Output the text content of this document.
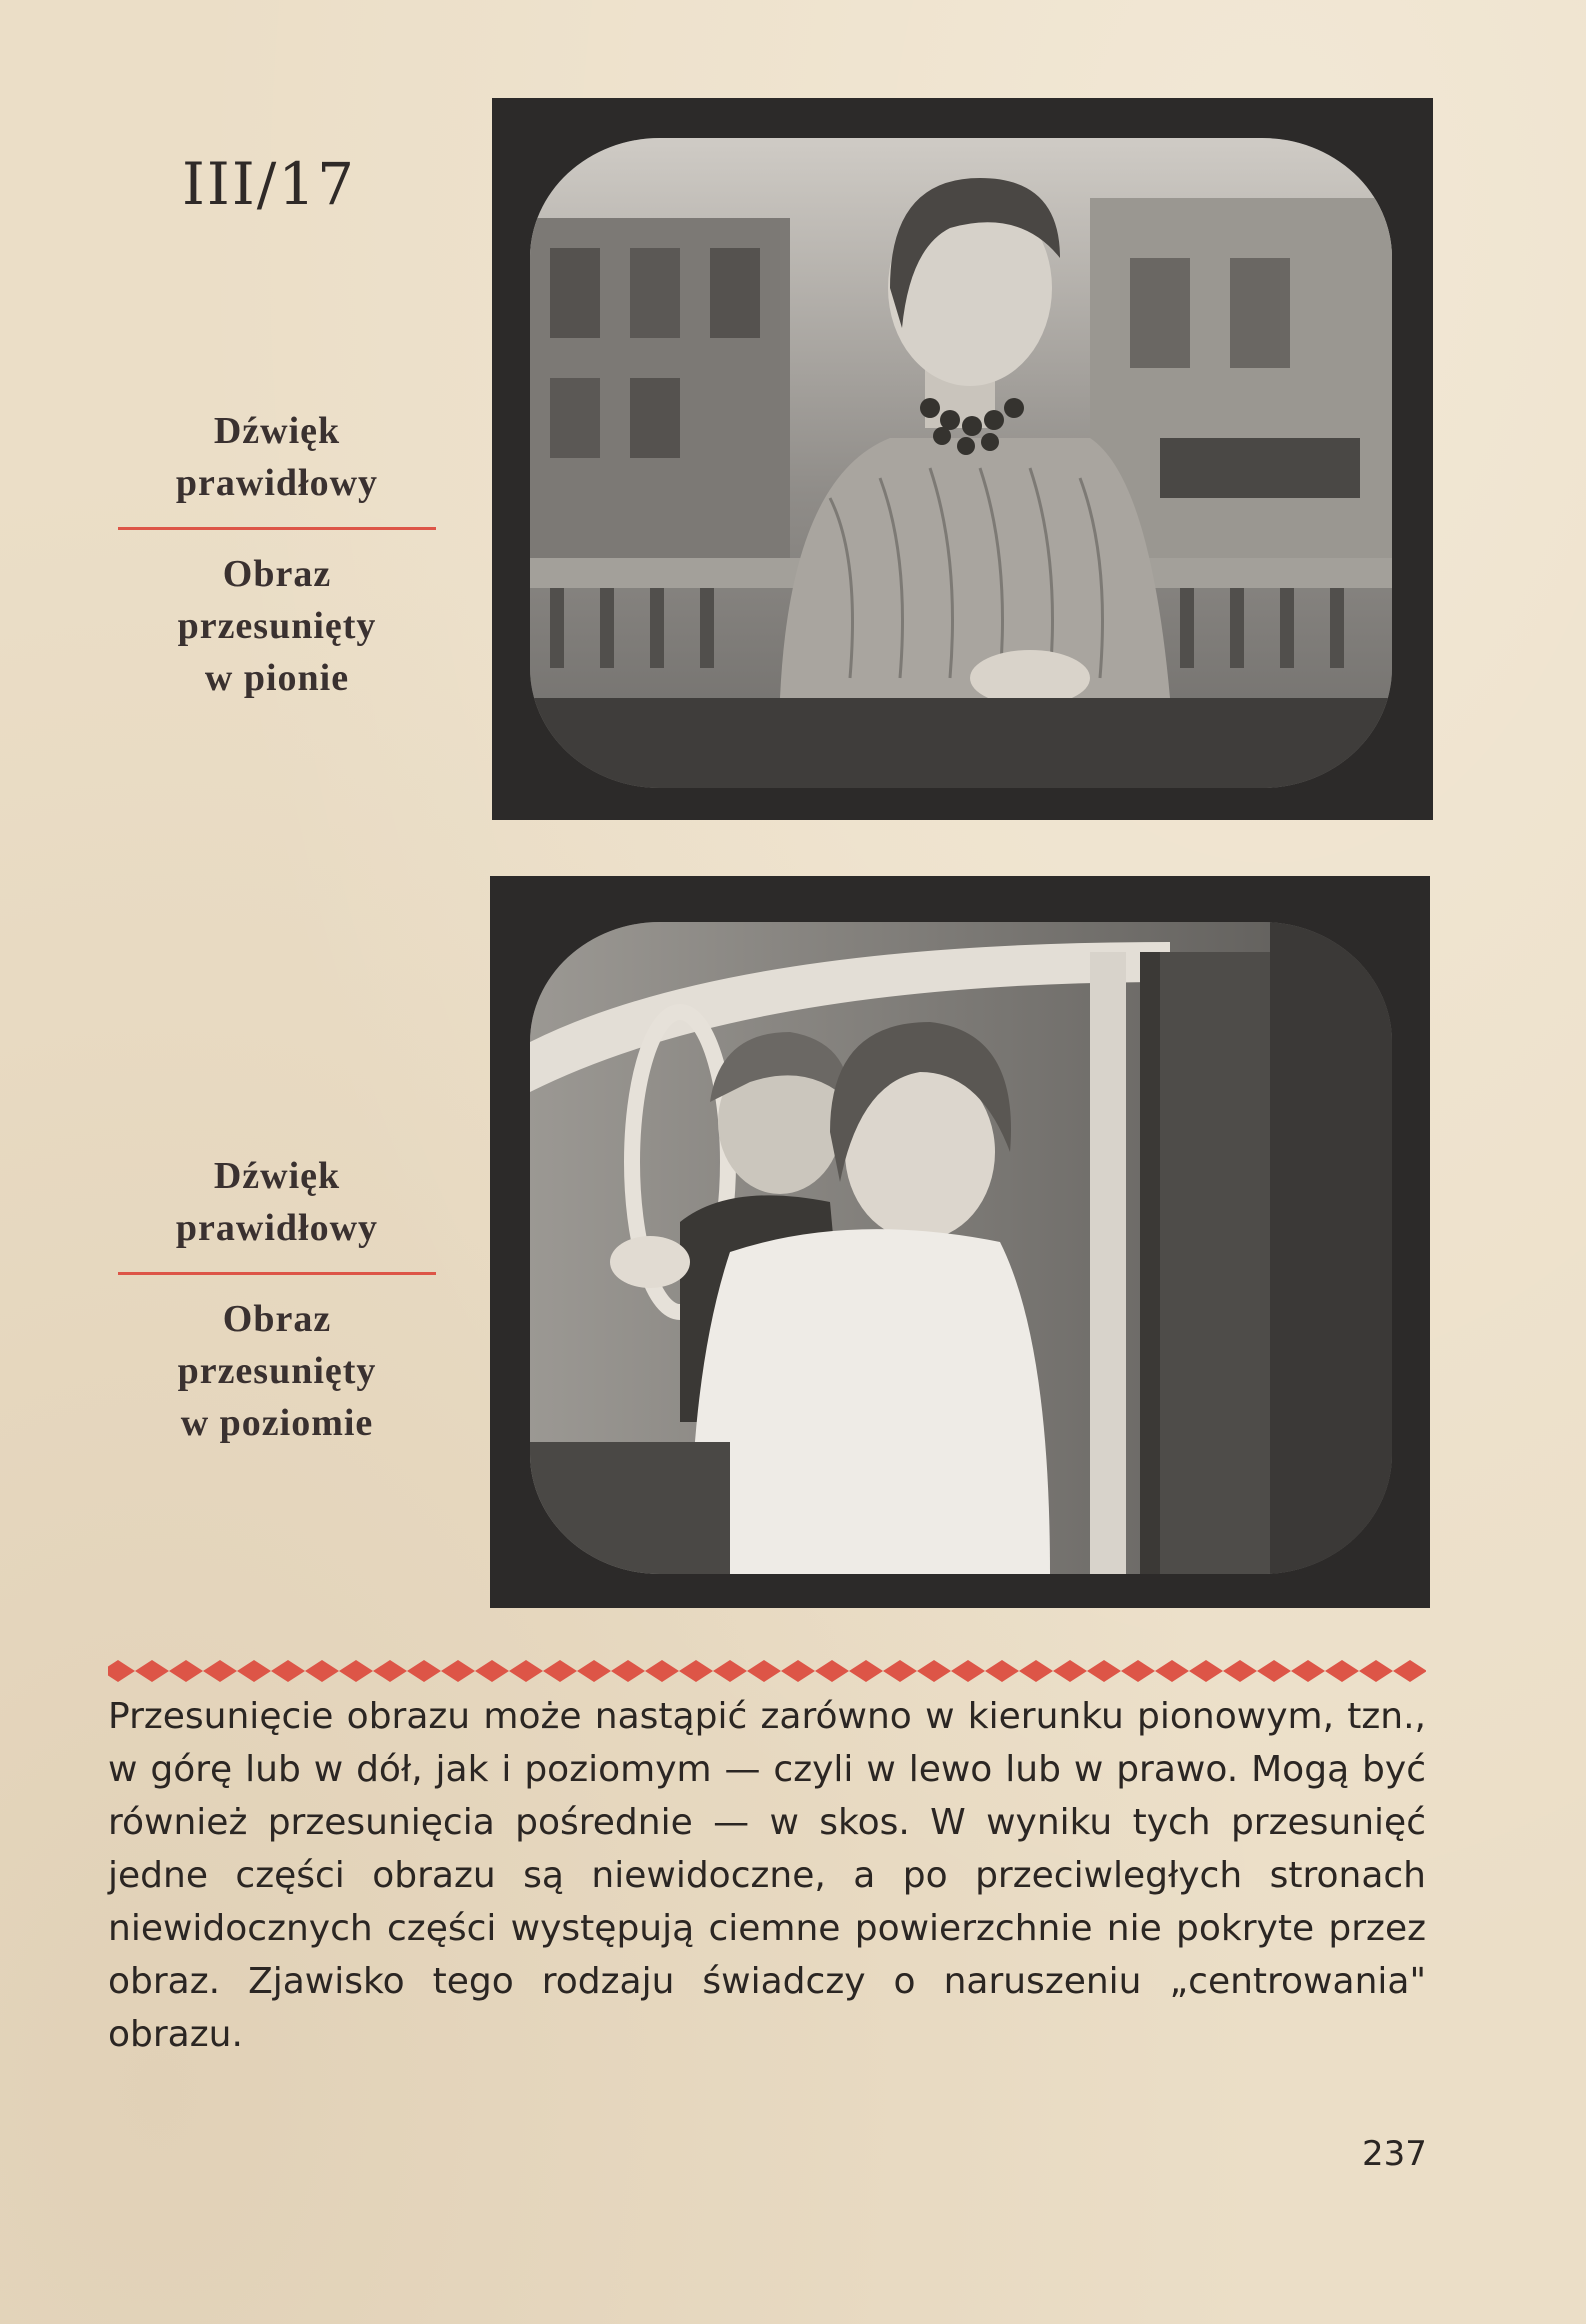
III/17
Dźwięk
prawidłowy
Obraz
przesunięty
w pionie
Dźwięk
prawidłowy
Obraz
przesunięty
w poziomie
Przesunięcie obrazu może nastąpić zarówno w kierunku pionowym, tzn., w górę lub w dół, jak i poziomym — czyli w lewo lub w prawo. Mogą być również przesunięcia pośrednie — w skos. W wyniku tych przesunięć jedne części obrazu są niewidoczne, a po przeciwległych stronach niewidocznych części występują ciemne powierzchnie nie pokryte przez obraz. Zjawisko tego rodzaju świadczy o naruszeniu „centrowania" obrazu.
237
